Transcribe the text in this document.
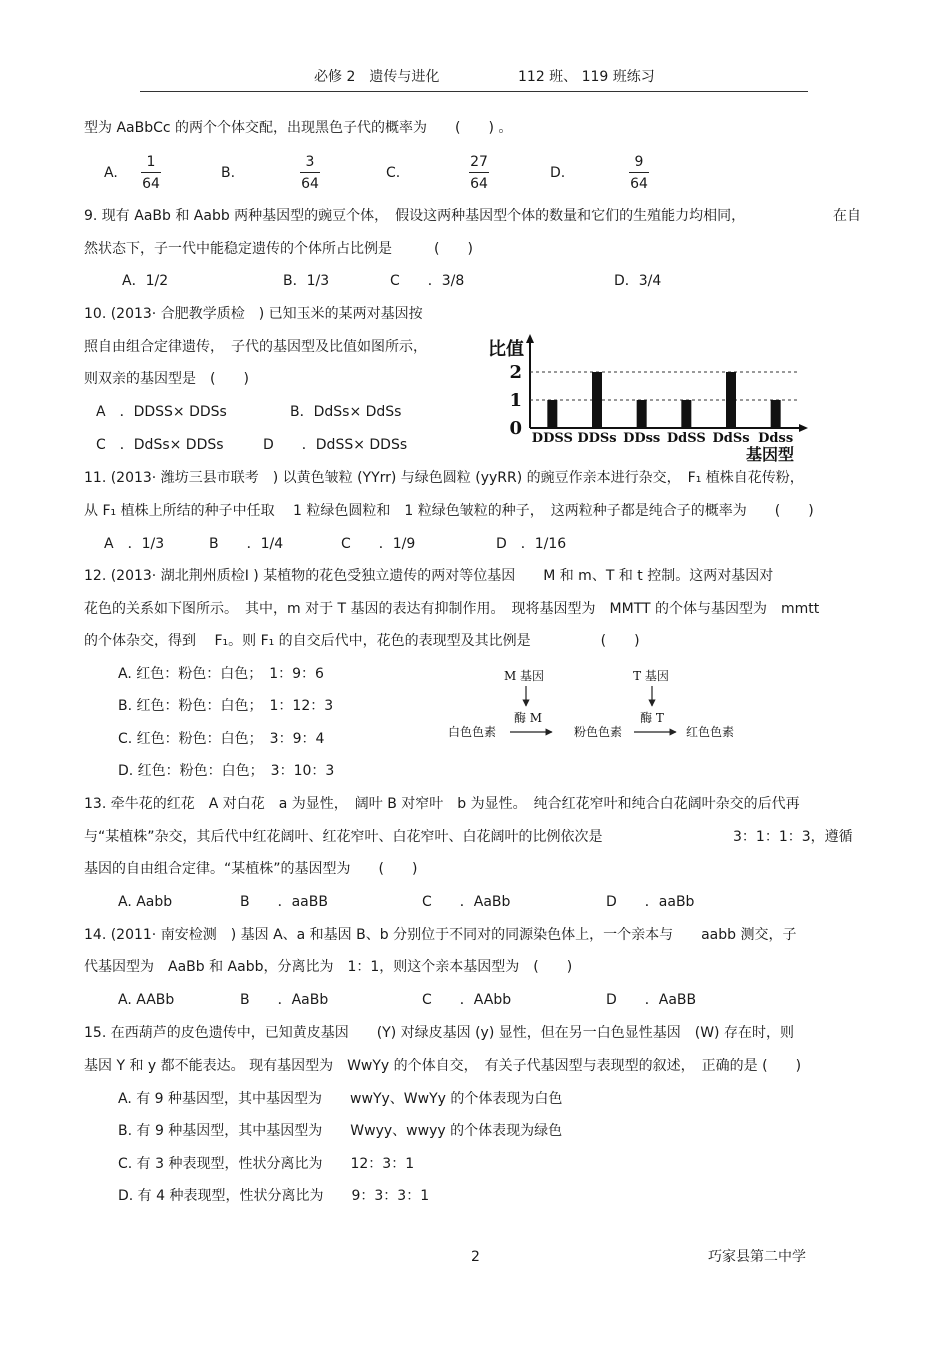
必修 2　遗传与进化	112 班、 119 班练习
型为 AaBbCc 的两个个体交配，出现黑色子代的概率为　　(　　) 。
A.
1
64
B.
3
64
C.
27
64
D.
9
64
9. 现有 AaBb 和 Aabb 两种基因型的豌豆个体，　假设这两种基因型个体的数量和它们的生殖能力均相同，	在自
然状态下，子一代中能稳定遗传的个体所占比例是　　　(　　)
A．1/2	B．1/3	C　　．3/8	D．3/4
10. (2013· 合肥教学质检　) 已知玉米的某两对基因按
照自由组合定律遗传，　子代的基因型及比值如图所示，
则双亲的基因型是　(　　)
A　．DDSS× DDSs	B．DdSs× DdSs
C　．DdSs× DDSs	D　　．DdSS× DDSs
比值
基因型
0
1
2
DDSS DDSs DDss DdSS DdSs Ddss
11. (2013· 潍坊三县市联考　) 以黄色皱粒 (YYrr) 与绿色圆粒 (yyRR) 的豌豆作亲本进行杂交，　F₁ 植株自花传粉，
从 F₁ 植株上所结的种子中任取　 1 粒绿色圆粒和　1 粒绿色皱粒的种子，　这两粒种子都是纯合子的概率为　　(　　)
A　．1/3	B　　．1/4	C　　．1/9	D　．1/16
12. (2013· 湖北荆州质检Ⅰ ) 某植物的花色受独立遗传的两对等位基因　　M 和 m、T 和 t 控制。这两对基因对
花色的关系如下图所示。　其中，m 对于 T 基因的表达有抑制作用。　现将基因型为　MMTT 的个体与基因型为　mmtt
的个体杂交，得到　 F₁。则 F₁ 的自交后代中，花色的表现型及其比例是　　　　　(　　)
A. 红色：粉色：白色；　1：9：6
B. 红色：粉色：白色；　1：12：3
C. 红色：粉色：白色；　3：9：4
D. 红色：粉色：白色；　3：10：3
M 基因
酶 M
T 基因
酶 T
白色色素	粉色色素	红色色素
13. 牵牛花的红花　A 对白花　a 为显性，　阔叶 B 对窄叶　b 为显性。　纯合红花窄叶和纯合白花阔叶杂交的后代再
与“某植株”杂交，其后代中红花阔叶、红花窄叶、白花窄叶、白花阔叶的比例依次是	3：1：1：3，遵循
基因的自由组合定律。“某植株”的基因型为　　(　　)
A. Aabb	B　　．aaBB	C　　．AaBb	D　　．aaBb
14. (2011· 南安检测　) 基因 A、a 和基因 B、b 分别位于不同对的同源染色体上，一个亲本与　　aabb 测交，子
代基因型为　AaBb 和 Aabb，分离比为　1：1，则这个亲本基因型为　(　　)
A. AABb	B　　．AaBb	C　　．AAbb	D　　．AaBB
15. 在西葫芦的皮色遗传中，已知黄皮基因　　(Y) 对绿皮基因 (y) 显性，但在另一白色显性基因　(W) 存在时，则
基因 Y 和 y 都不能表达。 现有基因型为　WwYy 的个体自交，　有关子代基因型与表现型的叙述，　正确的是 (　　)
A. 有 9 种基因型，其中基因型为　　wwYy、WwYy 的个体表现为白色
B. 有 9 种基因型，其中基因型为　　Wwyy、wwyy 的个体表现为绿色
C. 有 3 种表现型，性状分离比为　　12：3：1
D. 有 4 种表现型，性状分离比为　　9：3：3：1
2	巧家县第二中学
